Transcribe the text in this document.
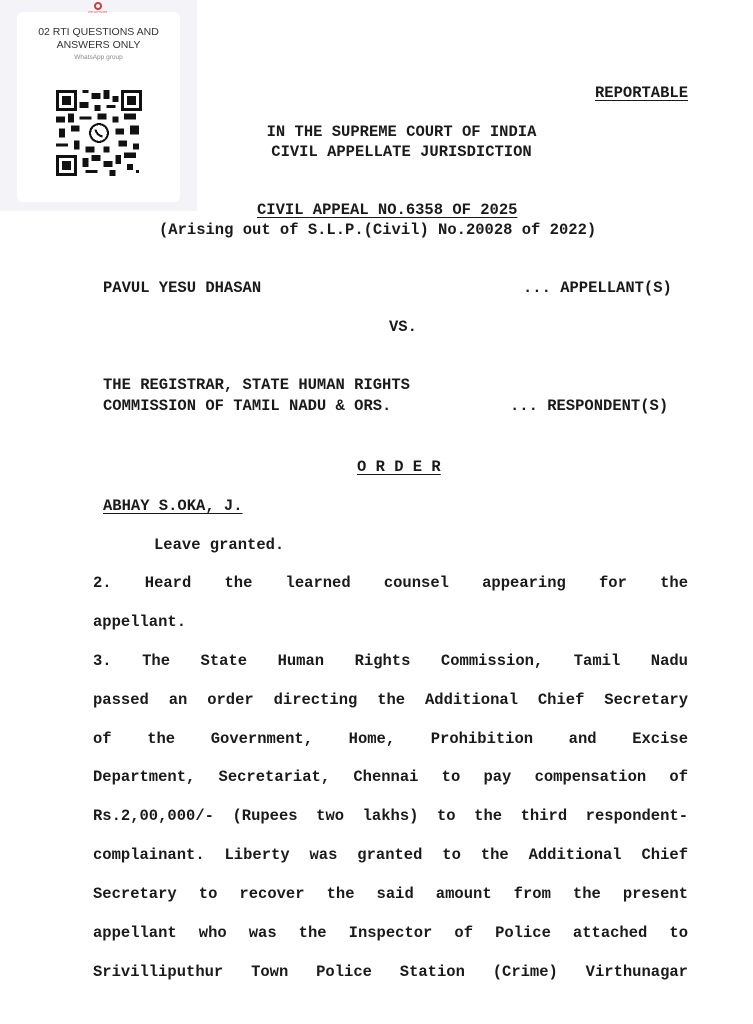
RTI ACTIVIST
02 RTI QUESTIONS AND
ANSWERS ONLY
WhatsApp group
REPORTABLE
IN THE SUPREME COURT OF INDIA
CIVIL APPELLATE JURISDICTION
CIVIL APPEAL NO.6358 OF 2025
(Arising out of S.L.P.(Civil) No.20028 of 2022)
PAVUL YESU DHASAN	... APPELLANT(S)
VS.
THE REGISTRAR, STATE HUMAN RIGHTS
COMMISSION OF TAMIL NADU & ORS.	... RESPONDENT(S)
O R D E R
ABHAY S.OKA, J.
Leave granted.
2. Heard the learned counsel appearing for the
appellant.
3. The State Human Rights Commission, Tamil Nadu
passed an order directing the Additional Chief Secretary
of the Government, Home, Prohibition and Excise
Department, Secretariat, Chennai to pay compensation of
Rs.2,00,000/- (Rupees two lakhs) to the third respondent-
complainant. Liberty was granted to the Additional Chief
Secretary to recover the said amount from the present
appellant who was the Inspector of Police attached to
Srivilliputhur Town Police Station (Crime) Virthunagar
